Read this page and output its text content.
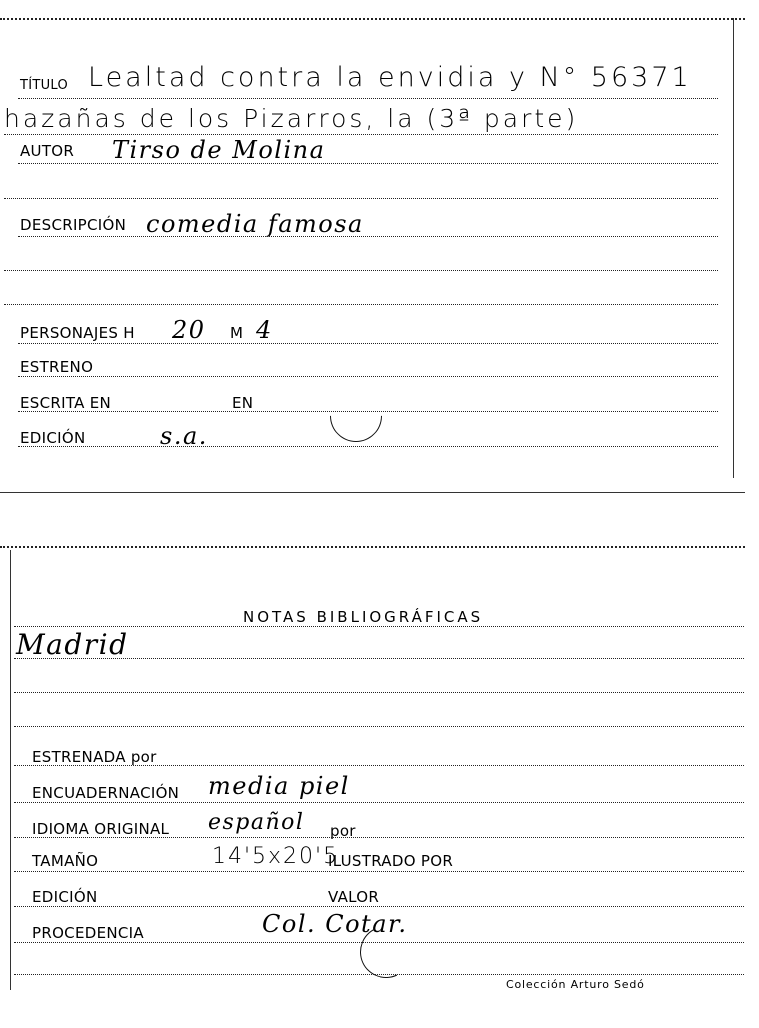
TÍTULO Lealtad contra la envidia y N° 56371
hazañas de los Pizarros, la (3ª parte)
AUTOR Tirso de Molina
DESCRIPCIÓN comedia famosa
PERSONAJES H 20 M 4
ESTRENO
ESCRITA EN	EN
EDICIÓN	s.a.
NOTAS BIBLIOGRÁFICAS
Madrid
ESTRENADA por
ENCUADERNACIÓN media piel
IDIOMA ORIGINAL español por
TAMAÑO	14'5x20'5
ILUSTRADO POR
EDICIÓN	VALOR
PROCEDENCIA	Col. Cotar.
Colección Arturo Sedó
